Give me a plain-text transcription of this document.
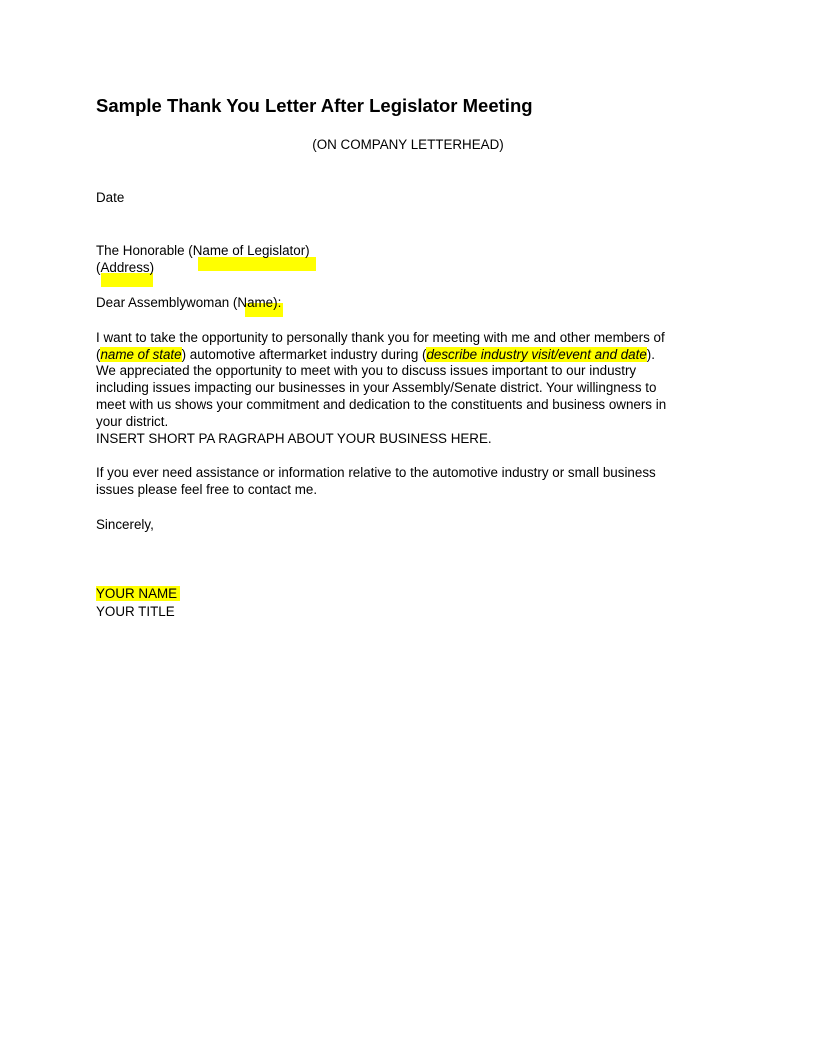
Sample Thank You Letter After Legislator Meeting
(ON COMPANY LETTERHEAD)
Date
The Honorable (Name of Legislator)
(Address)
Dear Assemblywoman (Name):
I want to take the opportunity to personally thank you for meeting with me and other members of
(name of state) automotive aftermarket industry during (describe industry visit/event and date).
We appreciated the opportunity to meet with you to discuss issues important to our industry
including issues impacting our businesses in your Assembly/Senate district. Your willingness to
meet with us shows your commitment and dedication to the constituents and business owners in
your district.
INSERT SHORT PA RAGRAPH ABOUT YOUR BUSINESS HERE.
If you ever need assistance or information relative to the automotive industry or small business
issues please feel free to contact me.
Sincerely,
YOUR NAME
YOUR TITLE
